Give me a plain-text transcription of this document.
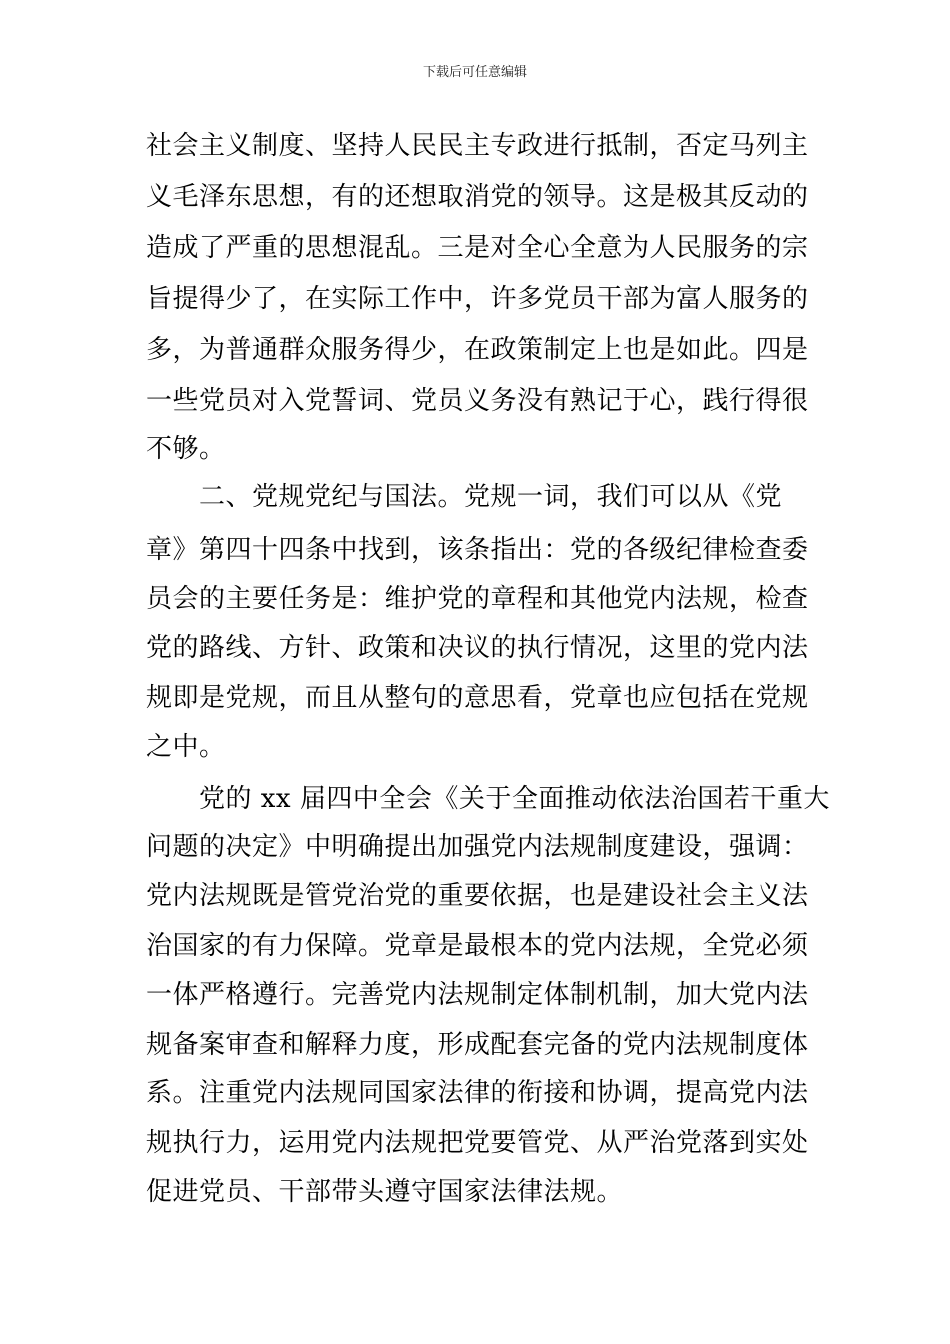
下载后可任意编辑
社会主义制度、坚持人民民主专政进行抵制，否定马列主
义毛泽东思想，有的还想取消党的领导。这是极其反动的
造成了严重的思想混乱。三是对全心全意为人民服务的宗
旨提得少了，在实际工作中，许多党员干部为富人服务的
多，为普通群众服务得少，在政策制定上也是如此。四是
一些党员对入党誓词、党员义务没有熟记于心，践行得很
不够。
　　二、党规党纪与国法。党规一词，我们可以从《党
章》第四十四条中找到，该条指出：党的各级纪律检查委
员会的主要任务是：维护党的章程和其他党内法规，检查
党的路线、方针、政策和决议的执行情况，这里的党内法
规即是党规，而且从整句的意思看，党章也应包括在党规
之中。
　　党的 xx 届四中全会《关于全面推动依法治国若干重大
问题的决定》中明确提出加强党内法规制度建设，强调：
党内法规既是管党治党的重要依据，也是建设社会主义法
治国家的有力保障。党章是最根本的党内法规，全党必须
一体严格遵行。完善党内法规制定体制机制，加大党内法
规备案审查和解释力度，形成配套完备的党内法规制度体
系。注重党内法规同国家法律的衔接和协调，提高党内法
规执行力，运用党内法规把党要管党、从严治党落到实处
促进党员、干部带头遵守国家法律法规。
